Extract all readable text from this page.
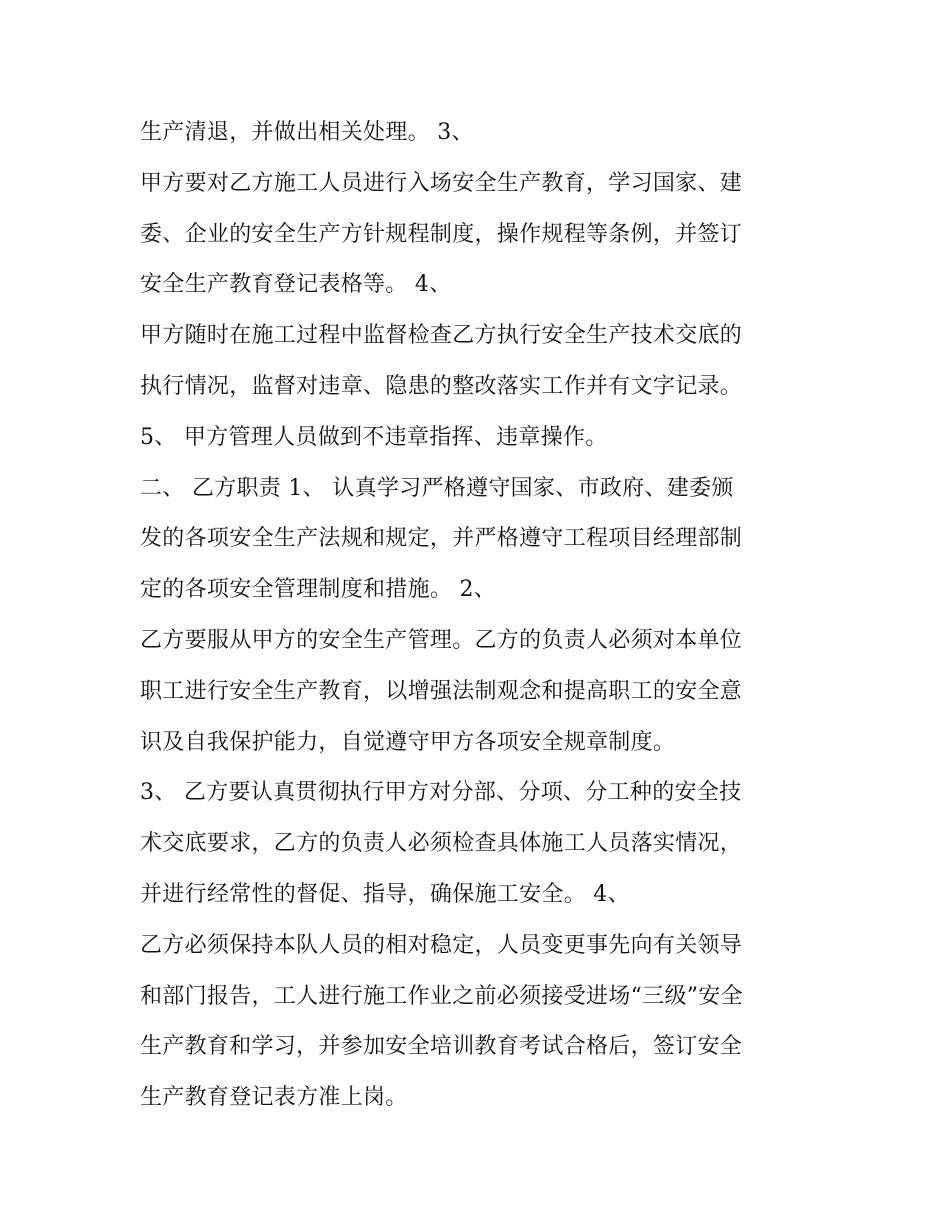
生产清退，并做出相关处理。 3、
甲方要对乙方施工人员进行入场安全生产教育，学习国家、建
委、企业的安全生产方针规程制度，操作规程等条例，并签订
安全生产教育登记表格等。 4、
甲方随时在施工过程中监督检查乙方执行安全生产技术交底的
执行情况，监督对违章、隐患的整改落实工作并有文字记录。
5、 甲方管理人员做到不违章指挥、违章操作。
二、 乙方职责 1、 认真学习严格遵守国家、市政府、建委颁
发的各项安全生产法规和规定，并严格遵守工程项目经理部制
定的各项安全管理制度和措施。 2、
乙方要服从甲方的安全生产管理。乙方的负责人必须对本单位
职工进行安全生产教育，以增强法制观念和提高职工的安全意
识及自我保护能力，自觉遵守甲方各项安全规章制度。
3、 乙方要认真贯彻执行甲方对分部、分项、分工种的安全技
术交底要求，乙方的负责人必须检查具体施工人员落实情况，
并进行经常性的督促、指导，确保施工安全。 4、
乙方必须保持本队人员的相对稳定，人员变更事先向有关领导
和部门报告，工人进行施工作业之前必须接受进场“三级”安全
生产教育和学习，并参加安全培训教育考试合格后，签订安全
生产教育登记表方准上岗。
